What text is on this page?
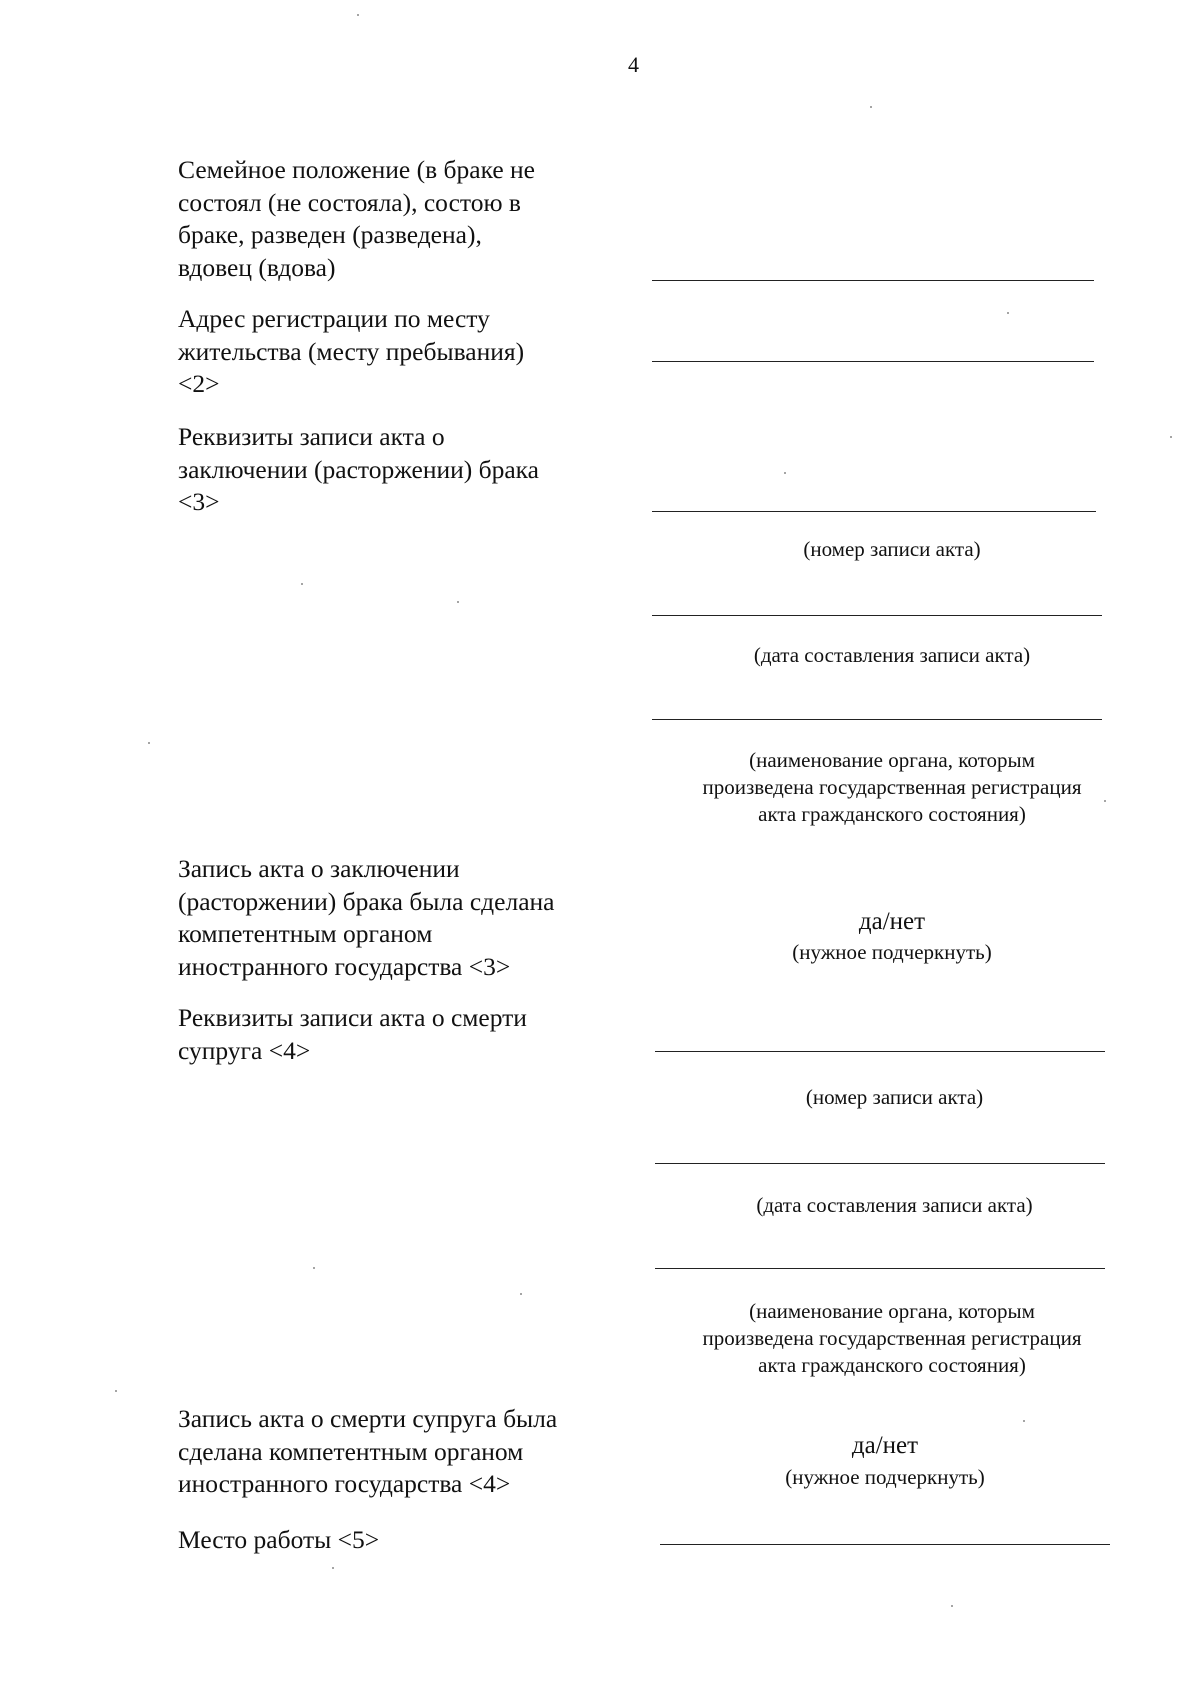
4
Семейное положение (в браке не
состоял (не состояла), состою в
браке, разведен (разведена),
вдовец (вдова)
Адрес регистрации по месту
жительства (месту пребывания)
<2>
Реквизиты записи акта о
заключении (расторжении) брака
<3>
(номер записи акта)
(дата составления записи акта)
(наименование органа, которым
произведена государственная регистрация
акта гражданского состояния)
Запись акта о заключении
(расторжении) брака была сделана
компетентным органом
иностранного государства <3>
да/нет
(нужное подчеркнуть)
Реквизиты записи акта о смерти
супруга <4>
(номер записи акта)
(дата составления записи акта)
(наименование органа, которым
произведена государственная регистрация
акта гражданского состояния)
Запись акта о смерти супруга была
сделана компетентным органом
иностранного государства <4>
да/нет
(нужное подчеркнуть)
Место работы <5>
